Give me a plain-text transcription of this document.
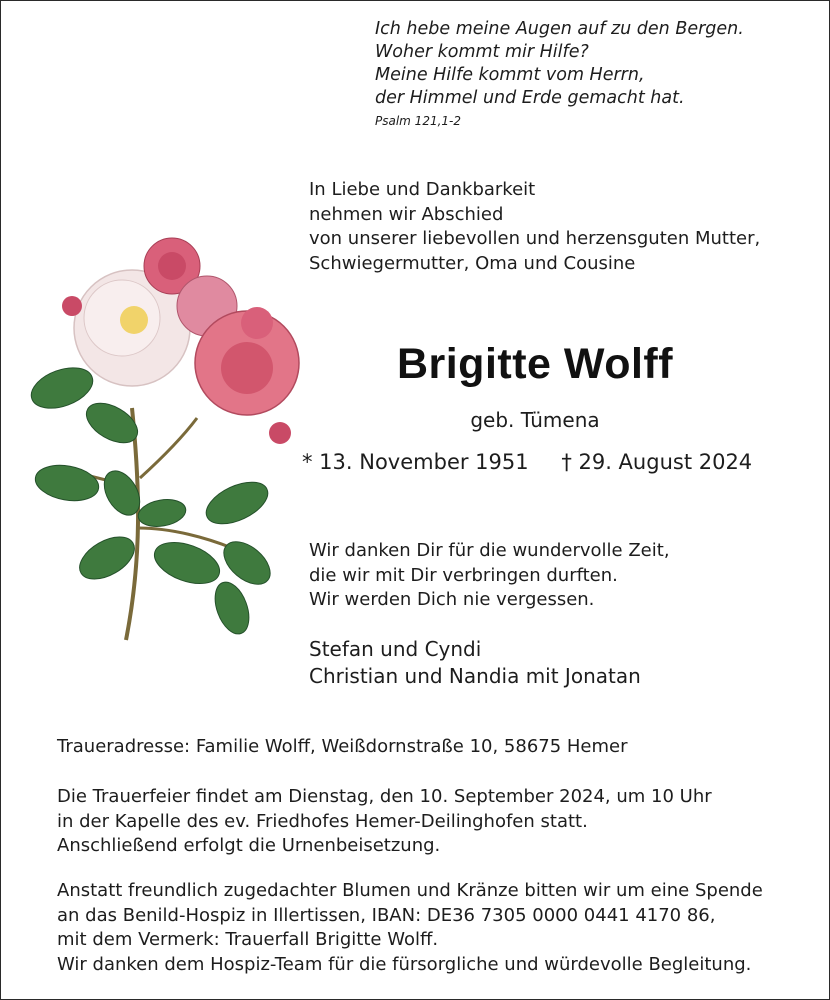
Ich hebe meine Augen auf zu den Bergen.
Woher kommt mir Hilfe?
Meine Hilfe kommt vom Herrn,
der Himmel und Erde gemacht hat.
Psalm 121,1-2
In Liebe und Dankbarkeit
nehmen wir Abschied
von unserer liebevollen und herzensguten Mutter,
Schwiegermutter, Oma und Cousine
Brigitte Wolff
geb. Tümena
* 13. November 1951 † 29. August 2024
Wir danken Dir für die wundervolle Zeit,
die wir mit Dir verbringen durften.
Wir werden Dich nie vergessen.
Stefan und Cyndi
Christian und Nandia mit Jonatan
Traueradresse: Familie Wolff, Weißdornstraße 10, 58675 Hemer
Die Trauerfeier findet am Dienstag, den 10. September 2024, um 10 Uhr
in der Kapelle des ev. Friedhofes Hemer-Deilinghofen statt.
Anschließend erfolgt die Urnenbeisetzung.
Anstatt freundlich zugedachter Blumen und Kränze bitten wir um eine Spende
an das Benild-Hospiz in Illertissen, IBAN: DE36 7305 0000 0441 4170 86,
mit dem Vermerk: Trauerfall Brigitte Wolff.
Wir danken dem Hospiz-Team für die fürsorgliche und würdevolle Begleitung.
